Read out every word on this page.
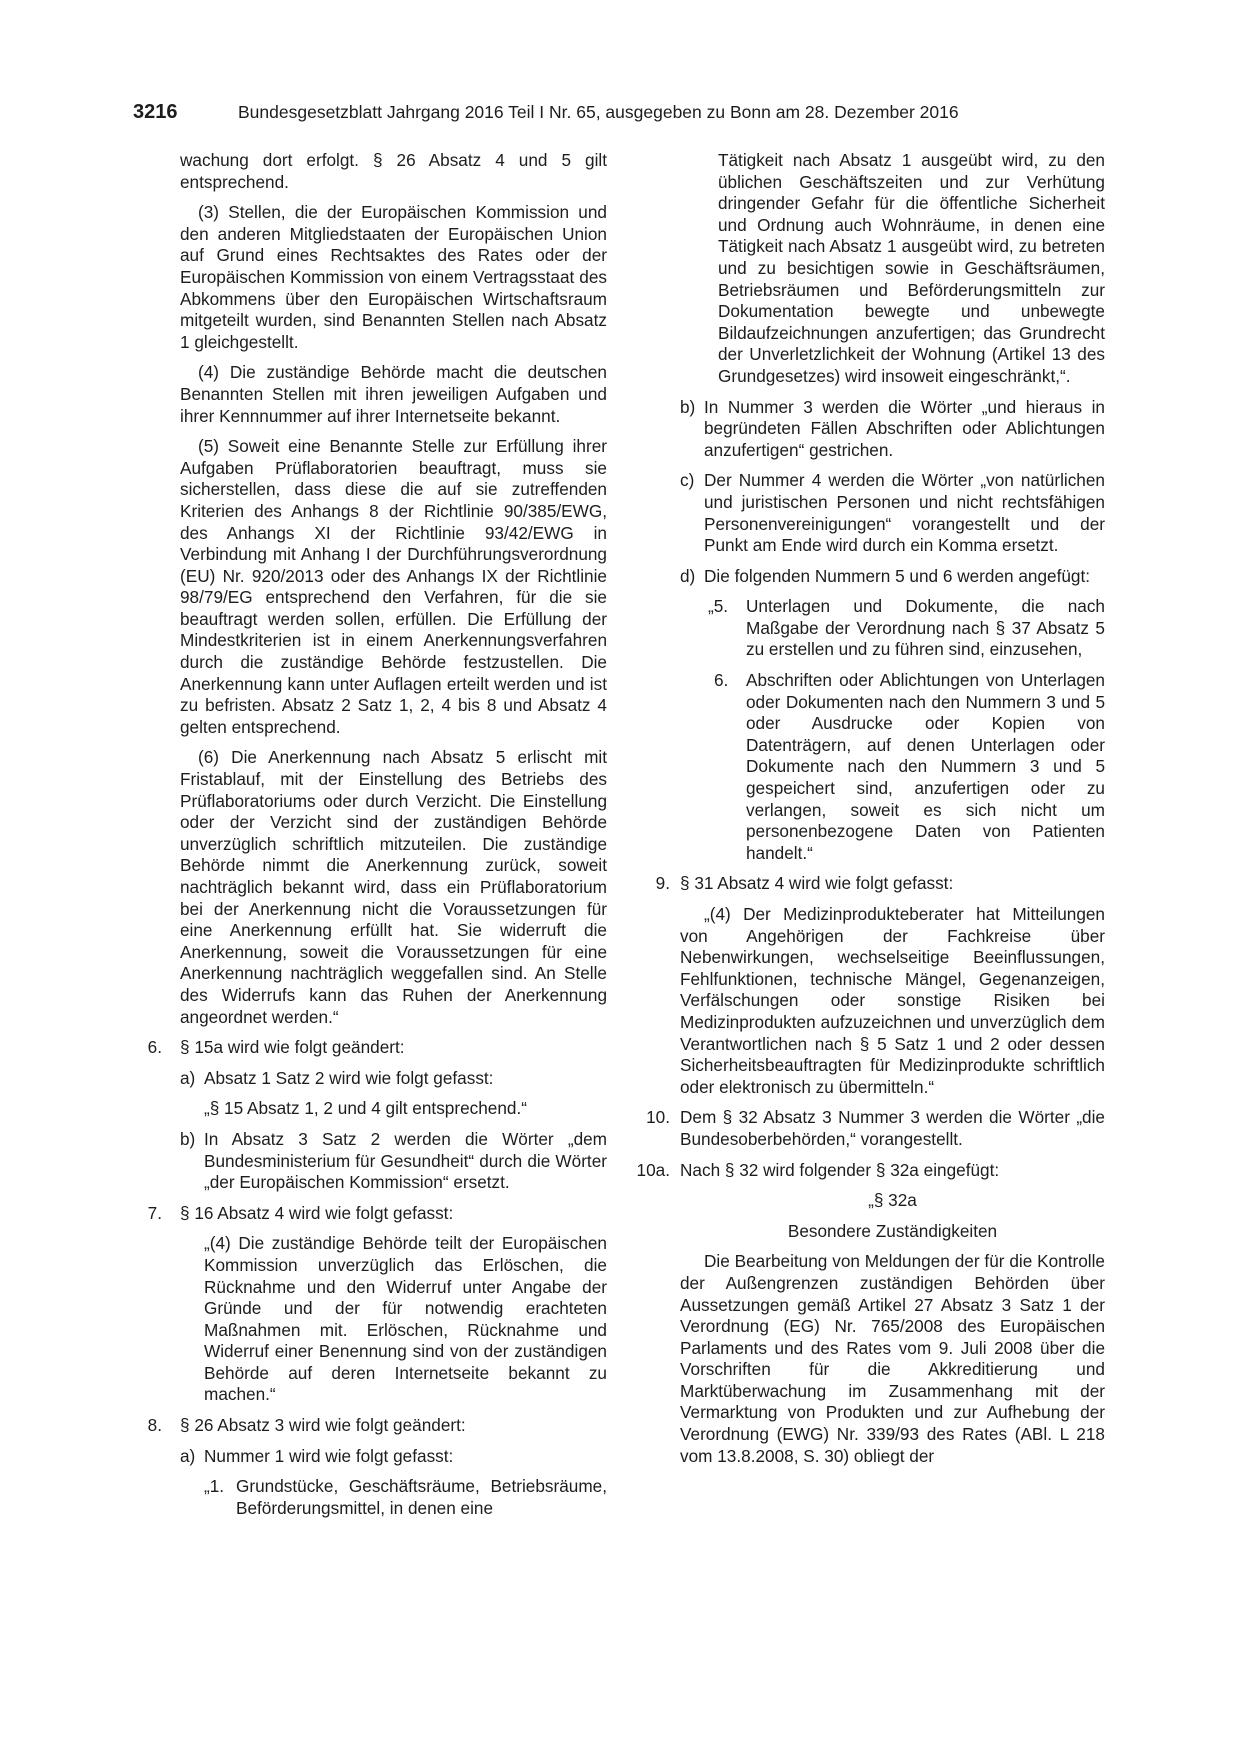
3216	Bundesgesetzblatt Jahrgang 2016 Teil I Nr. 65, ausgegeben zu Bonn am 28. Dezember 2016

wachung dort erfolgt. § 26 Absatz 4 und 5 gilt entsprechend.

(3) Stellen, die der Europäischen Kommission und den anderen Mitgliedstaaten der Europäischen Union auf Grund eines Rechtsaktes des Rates oder der Europäischen Kommission von einem Vertragsstaat des Abkommens über den Europäischen Wirtschaftsraum mitgeteilt wurden, sind Benannten Stellen nach Absatz 1 gleichgestellt.

(4) Die zuständige Behörde macht die deutschen Benannten Stellen mit ihren jeweiligen Aufgaben und ihrer Kennnummer auf ihrer Internetseite bekannt.

(5) Soweit eine Benannte Stelle zur Erfüllung ihrer Aufgaben Prüflaboratorien beauftragt, muss sie sicherstellen, dass diese die auf sie zutreffenden Kriterien des Anhangs 8 der Richtlinie 90/385/EWG, des Anhangs XI der Richtlinie 93/42/EWG in Verbindung mit Anhang I der Durchführungsverordnung (EU) Nr. 920/2013 oder des Anhangs IX der Richtlinie 98/79/EG entsprechend den Verfahren, für die sie beauftragt werden sollen, erfüllen. Die Erfüllung der Mindestkriterien ist in einem Anerkennungsverfahren durch die zuständige Behörde festzustellen. Die Anerkennung kann unter Auflagen erteilt werden und ist zu befristen. Absatz 2 Satz 1, 2, 4 bis 8 und Absatz 4 gelten entsprechend.

(6) Die Anerkennung nach Absatz 5 erlischt mit Fristablauf, mit der Einstellung des Betriebs des Prüflaboratoriums oder durch Verzicht. Die Einstellung oder der Verzicht sind der zuständigen Behörde unverzüglich schriftlich mitzuteilen. Die zuständige Behörde nimmt die Anerkennung zurück, soweit nachträglich bekannt wird, dass ein Prüflaboratorium bei der Anerkennung nicht die Voraussetzungen für eine Anerkennung erfüllt hat. Sie widerruft die Anerkennung, soweit die Voraussetzungen für eine Anerkennung nachträglich weggefallen sind. An Stelle des Widerrufs kann das Ruhen der Anerkennung angeordnet werden.“

6. § 15a wird wie folgt geändert:
a) Absatz 1 Satz 2 wird wie folgt gefasst:

„§ 15 Absatz 1, 2 und 4 gilt entsprechend.“

b) In Absatz 3 Satz 2 werden die Wörter „dem Bundesministerium für Gesundheit“ durch die Wörter „der Europäischen Kommission“ ersetzt.
7. § 16 Absatz 4 wird wie folgt gefasst:

„(4) Die zuständige Behörde teilt der Europäischen Kommission unverzüglich das Erlöschen, die Rücknahme und den Widerruf unter Angabe der Gründe und der für notwendig erachteten Maßnahmen mit. Erlöschen, Rücknahme und Widerruf einer Benennung sind von der zuständigen Behörde auf deren Internetseite bekannt zu machen.“

8. § 26 Absatz 3 wird wie folgt geändert:
a) Nummer 1 wird wie folgt gefasst:
„1. Grundstücke, Geschäftsräume, Betriebsräume, Beförderungsmittel, in denen eine

Tätigkeit nach Absatz 1 ausgeübt wird, zu den üblichen Geschäftszeiten und zur Verhütung dringender Gefahr für die öffentliche Sicherheit und Ordnung auch Wohnräume, in denen eine Tätigkeit nach Absatz 1 ausgeübt wird, zu betreten und zu besichtigen sowie in Geschäftsräumen, Betriebsräumen und Beförderungsmitteln zur Dokumentation bewegte und unbewegte Bildaufzeichnungen anzufertigen; das Grundrecht der Unverletzlichkeit der Wohnung (Artikel 13 des Grundgesetzes) wird insoweit eingeschränkt,“.

b) In Nummer 3 werden die Wörter „und hieraus in begründeten Fällen Abschriften oder Ablichtungen anzufertigen“ gestrichen.
c) Der Nummer 4 werden die Wörter „von natürlichen und juristischen Personen und nicht rechtsfähigen Personenvereinigungen“ vorangestellt und der Punkt am Ende wird durch ein Komma ersetzt.
d) Die folgenden Nummern 5 und 6 werden angefügt:
„5.	Unterlagen und Dokumente, die nach Maßgabe der Verordnung nach § 37 Absatz 5 zu erstellen und zu führen sind, einzusehen,
6.	Abschriften oder Ablichtungen von Unterlagen oder Dokumenten nach den Nummern 3 und 5 oder Ausdrucke oder Kopien von Datenträgern, auf denen Unterlagen oder Dokumente nach den Nummern 3 und 5 gespeichert sind, anzufertigen oder zu verlangen, soweit es sich nicht um personenbezogene Daten von Patienten handelt.“
9. § 31 Absatz 4 wird wie folgt gefasst:

„(4) Der Medizinprodukteberater hat Mitteilungen von Angehörigen der Fachkreise über Nebenwirkungen, wechselseitige Beeinflussungen, Fehlfunktionen, technische Mängel, Gegenanzeigen, Verfälschungen oder sonstige Risiken bei Medizinprodukten aufzuzeichnen und unverzüglich dem Verantwortlichen nach § 5 Satz 1 und 2 oder dessen Sicherheitsbeauftragten für Medizinprodukte schriftlich oder elektronisch zu übermitteln.“

10. Dem § 32 Absatz 3 Nummer 3 werden die Wörter „die Bundesoberbehörden,“ vorangestellt.
10a. Nach § 32 wird folgender § 32a eingefügt:

„§ 32a

Besondere Zuständigkeiten

Die Bearbeitung von Meldungen der für die Kontrolle der Außengrenzen zuständigen Behörden über Aussetzungen gemäß Artikel 27 Absatz 3 Satz 1 der Verordnung (EG) Nr. 765/2008 des Europäischen Parlaments und des Rates vom 9. Juli 2008 über die Vorschriften für die Akkreditierung und Marktüberwachung im Zusammenhang mit der Vermarktung von Produkten und zur Aufhebung der Verordnung (EWG) Nr. 339/93 des Rates (ABl. L 218 vom 13.8.2008, S. 30) obliegt der
